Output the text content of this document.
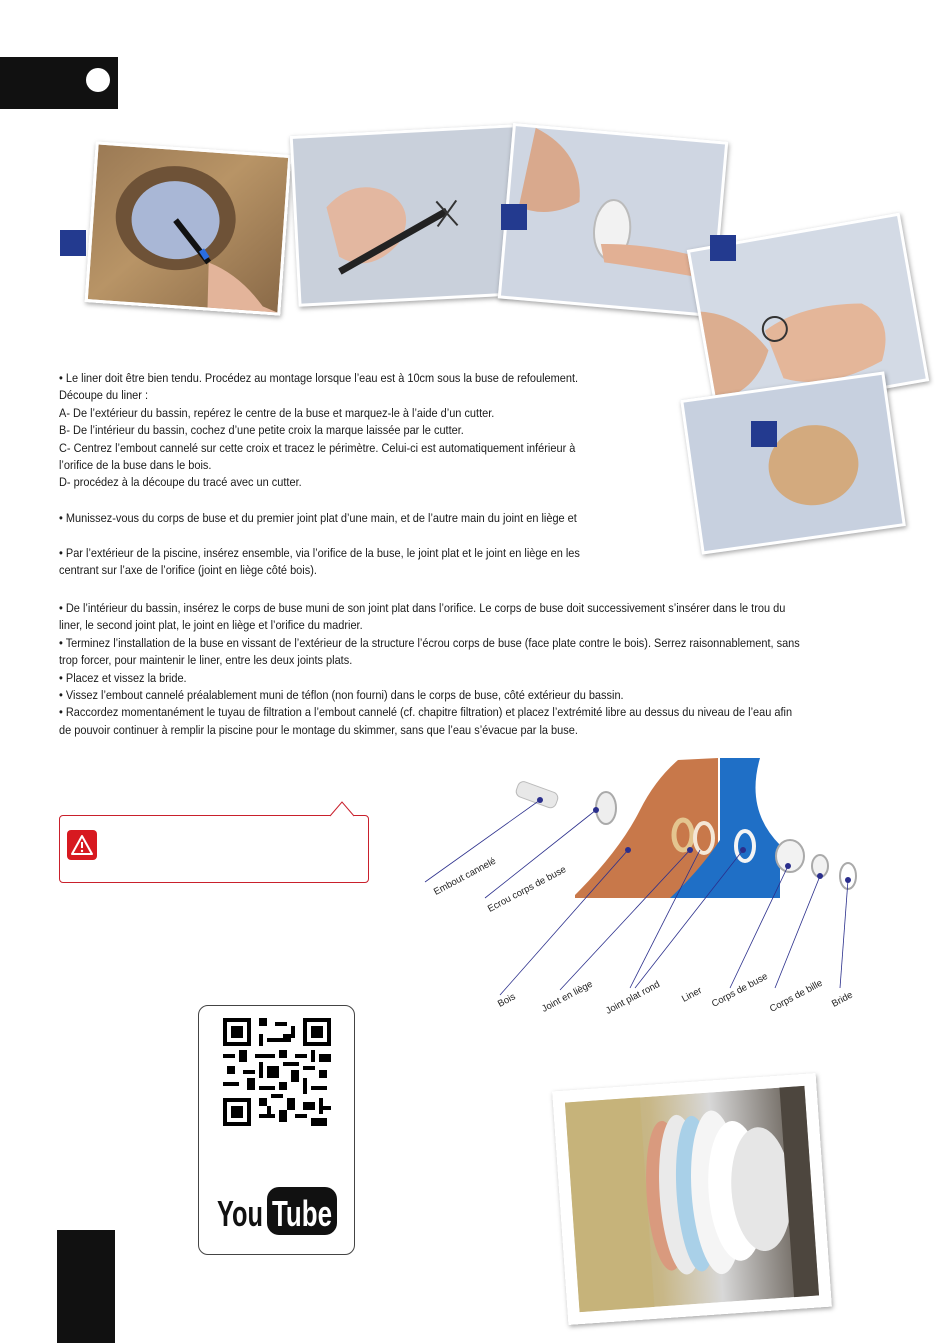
• Le liner doit être bien tendu. Procédez au montage lorsque l’eau est à 10cm sous la buse de refoulement.

Découpe du liner :

A- De l’extérieur du bassin, repérez le centre de la buse et marquez-le à l’aide d’un cutter.

B- De l’intérieur du bassin, cochez d’une petite croix la marque laissée par le cutter.

C- Centrez l’embout cannelé sur cette croix et tracez le périmètre. Celui-ci est automatiquement inférieur à

l’orifice de la buse dans le bois.

D- procédez à la découpe du tracé avec un cutter.

• Munissez-vous du corps de buse et du premier joint plat d’une main, et de l’autre main du joint en liège et

• Par l’extérieur de la piscine, insérez ensemble, via l’orifice de la buse, le joint plat et le joint en liège en les

centrant sur l’axe de l’orifice (joint en liège côté bois).

• De l’intérieur du bassin, insérez le corps de buse muni de son joint plat dans l’orifice. Le corps de buse doit successivement s’insérer dans le trou du

liner, le second joint plat, le joint en liège et l’orifice du madrier.

• Terminez l’installation de la buse en vissant de l’extérieur de la structure l’écrou corps de buse (face plate contre le bois). Serrez raisonnablement, sans

trop forcer, pour maintenir le liner, entre les deux joints plats.

• Placez et vissez la bride.

• Vissez l’embout cannelé préalablement muni de téflon (non fourni) dans le corps de buse, côté extérieur du bassin.

• Raccordez momentanément le tuyau de filtration a l’embout cannelé (cf. chapitre filtration) et placez l’extrémité libre au dessus du niveau de l’eau afin

de pouvoir continuer à remplir la piscine pour le montage du skimmer, sans que l’eau s’évacue par la buse.

Embout cannelé
Ecrou corps de buse
Bois Joint en liège Joint plat rond Liner Corps de buse
Corps de bille Bride
You Tube
